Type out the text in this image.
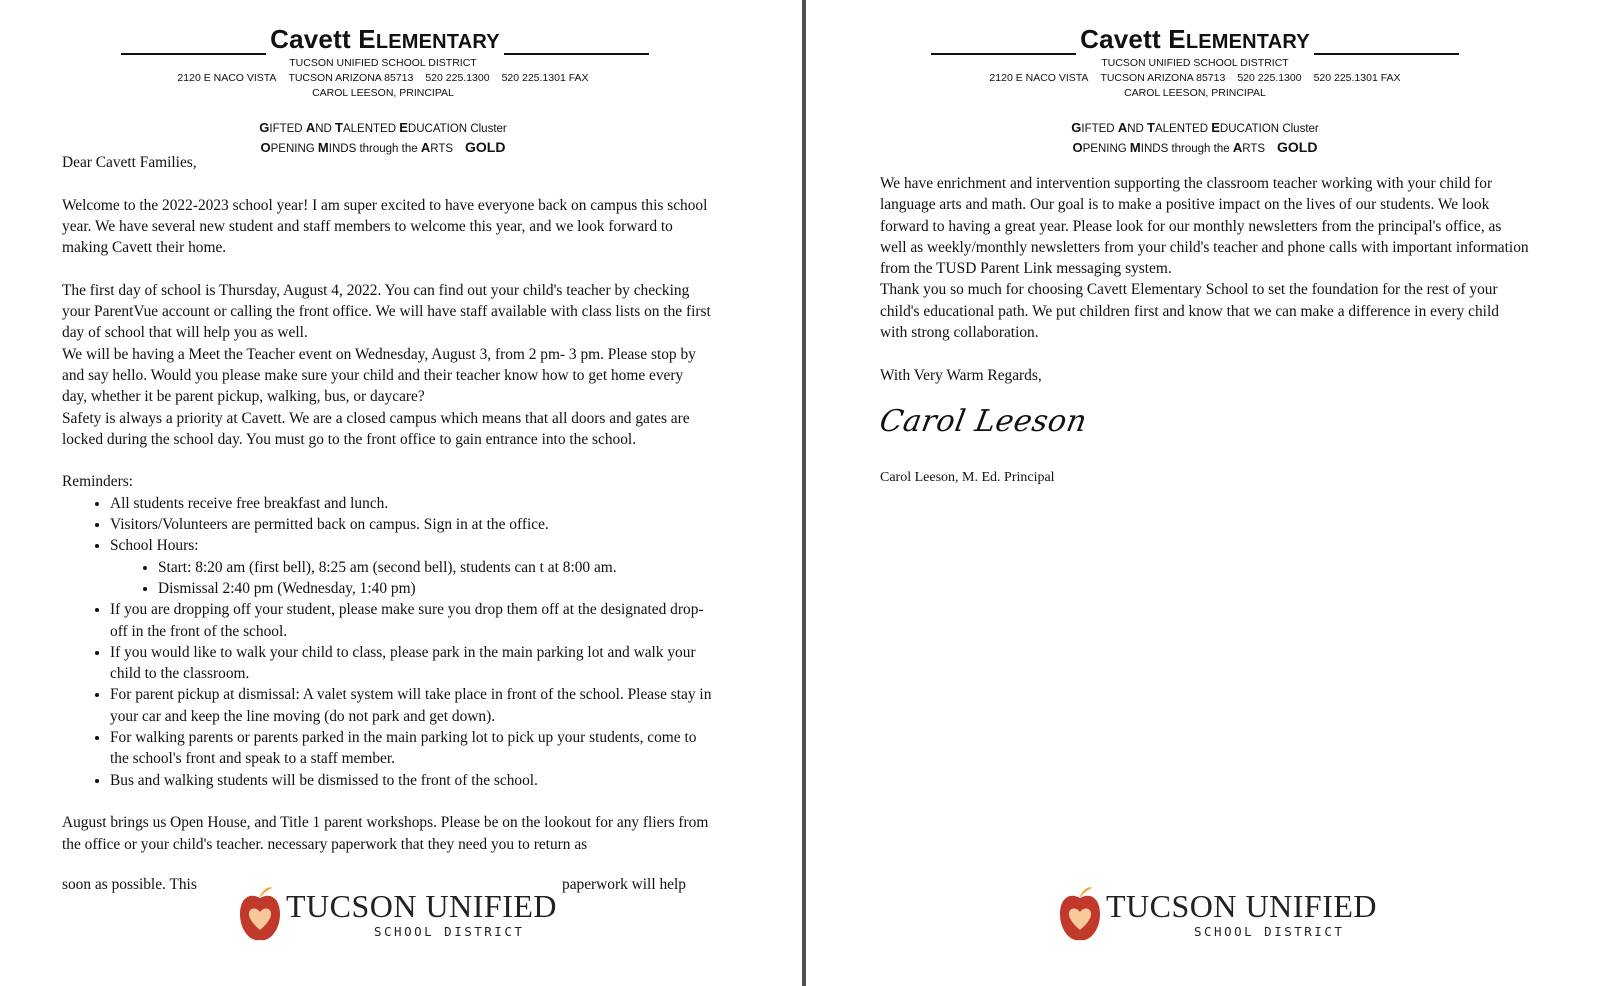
Cavett ELEMENTARY
TUCSON UNIFIED SCHOOL DISTRICT
2120 E NACO VISTA TUCSON ARIZONA 85713 520 225.1300 520 225.1301 FAX
CAROL LEESON, PRINCIPAL
GIFTED AND TALENTED EDUCATION Cluster
OPENING MINDS through the ARTS GOLD

Dear Cavett Families,

Welcome to the 2022-2023 school year! I am super excited to have everyone back on campus this school year. We have several new student and staff members to welcome this year, and we look forward to making Cavett their home.

The first day of school is Thursday, August 4, 2022. You can find out your child's teacher by checking your ParentVue account or calling the front office. We will have staff available with class lists on the first day of school that will help you as well.

We will be having a Meet the Teacher event on Wednesday, August 3, from 2 pm- 3 pm. Please stop by and say hello. Would you please make sure your child and their teacher know how to get home every day, whether it be parent pickup, walking, bus, or daycare?

Safety is always a priority at Cavett. We are a closed campus which means that all doors and gates are locked during the school day. You must go to the front office to gain entrance into the school.

Reminders:

• All students receive free breakfast and lunch.
• Visitors/Volunteers are permitted back on campus. Sign in at the office.
• School Hours:
• Start: 8:20 am (first bell), 8:25 am (second bell), students can t at 8:00 am.
• Dismissal 2:40 pm (Wednesday, 1:40 pm)
• If you are dropping off your student, please make sure you drop them off at the designated drop-off in the front of the school.
• If you would like to walk your child to class, please park in the main parking lot and walk your child to the classroom.
• For parent pickup at dismissal: A valet system will take place in front of the school. Please stay in your car and keep the line moving (do not park and get down).
• For walking parents or parents parked in the main parking lot to pick up your students, come to the school's front and speak to a staff member.
• Bus and walking students will be dismissed to the front of the school.

August brings us Open House, and Title 1 parent workshops. Please be on the lookout for any fliers from the office or your child's teacher. necessary paperwork that they need you to return as

soon as possible. This	paperwork will help
TUCSON UNIFIED
SCHOOL DISTRICT
Cavett ELEMENTARY
TUCSON UNIFIED SCHOOL DISTRICT
2120 E NACO VISTA TUCSON ARIZONA 85713 520 225.1300 520 225.1301 FAX
CAROL LEESON, PRINCIPAL
GIFTED AND TALENTED EDUCATION Cluster
OPENING MINDS through the ARTS GOLD

We have enrichment and intervention supporting the classroom teacher working with your child for language arts and math. Our goal is to make a positive impact on the lives of our students. We look forward to having a great year. Please look for our monthly newsletters from the principal's office, as well as weekly/monthly newsletters from your child's teacher and phone calls with important information from the TUSD Parent Link messaging system.

Thank you so much for choosing Cavett Elementary School to set the foundation for the rest of your child's educational path. We put children first and know that we can make a difference in every child with strong collaboration.

With Very Warm Regards,

Carol Leeson
Carol Leeson, M. Ed. Principal
TUCSON UNIFIED
SCHOOL DISTRICT
